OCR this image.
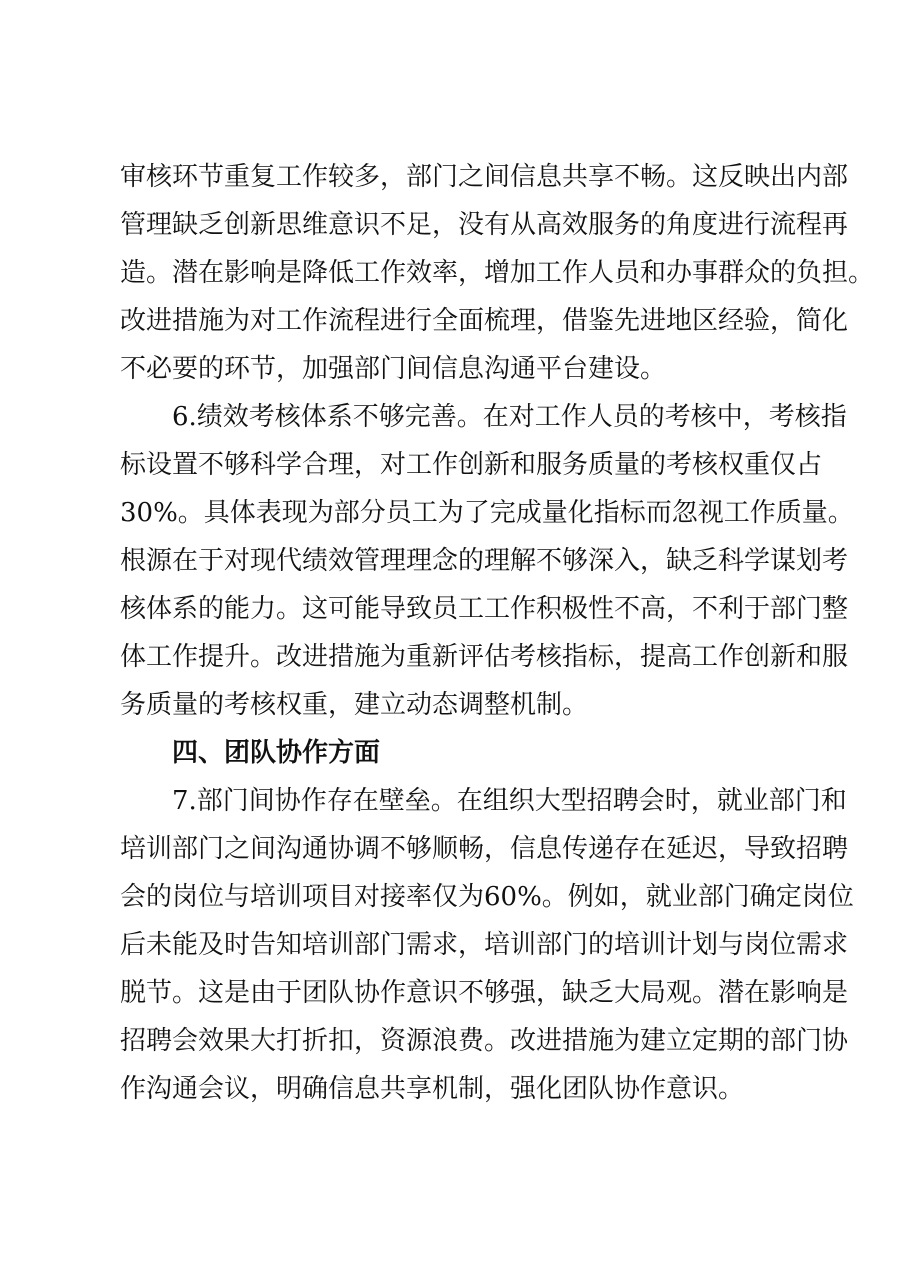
审核环节重复工作较多，部门之间信息共享不畅。这反映出内部
管理缺乏创新思维意识不足，没有从高效服务的角度进行流程再
造。潜在影响是降低工作效率，增加工作人员和办事群众的负担。
改进措施为对工作流程进行全面梳理，借鉴先进地区经验，简化
不必要的环节，加强部门间信息沟通平台建设。
6.绩效考核体系不够完善。在对工作人员的考核中，考核指
标设置不够科学合理，对工作创新和服务质量的考核权重仅占
30%。具体表现为部分员工为了完成量化指标而忽视工作质量。
根源在于对现代绩效管理理念的理解不够深入，缺乏科学谋划考
核体系的能力。这可能导致员工工作积极性不高，不利于部门整
体工作提升。改进措施为重新评估考核指标，提高工作创新和服
务质量的考核权重，建立动态调整机制。
四、团队协作方面
7.部门间协作存在壁垒。在组织大型招聘会时，就业部门和
培训部门之间沟通协调不够顺畅，信息传递存在延迟，导致招聘
会的岗位与培训项目对接率仅为60%。例如，就业部门确定岗位
后未能及时告知培训部门需求，培训部门的培训计划与岗位需求
脱节。这是由于团队协作意识不够强，缺乏大局观。潜在影响是
招聘会效果大打折扣，资源浪费。改进措施为建立定期的部门协
作沟通会议，明确信息共享机制，强化团队协作意识。
